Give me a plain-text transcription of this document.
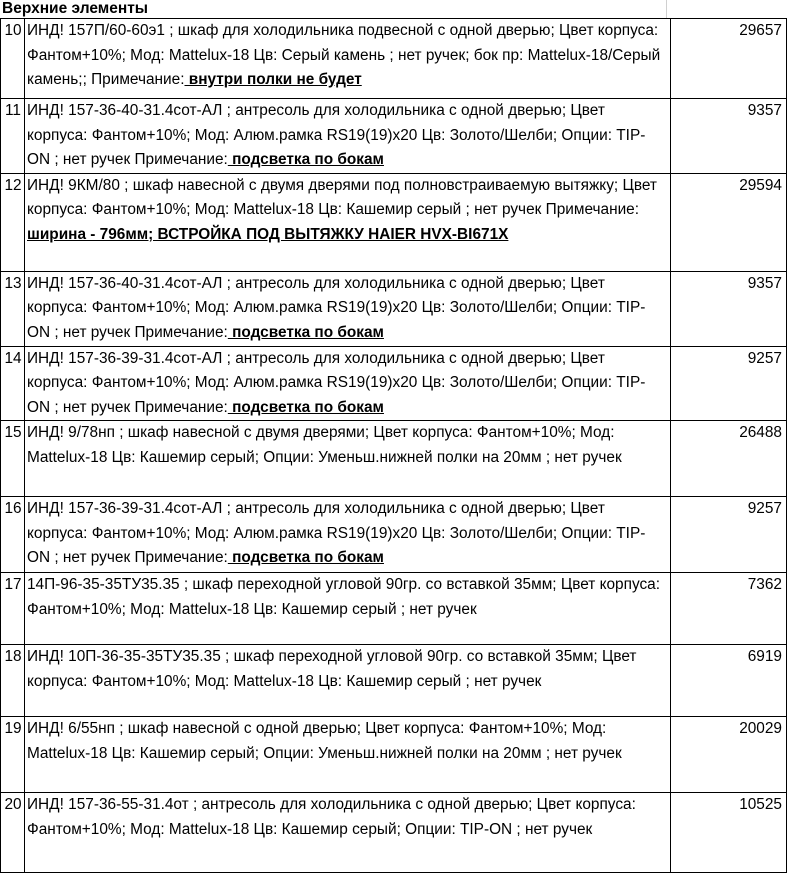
Верхние элементы
10	ИНД! 157П/60-60э1 ; шкаф для холодильника подвесной с одной дверью; Цвет корпуса: Фантом+10%; Мод: Mattelux-18 Цв: Серый камень ; нет ручек; бок пр: Mattelux-18/Серый камень;; Примечание: внутри полки не будет	29657
11	ИНД! 157-36-40-31.4сот-АЛ ; антресоль для холодильника с одной дверью; Цвет корпуса: Фантом+10%; Мод: Алюм.рамка RS19(19)x20 Цв: Золото/Шелби; Опции: TIP-ON ; нет ручек Примечание: подсветка по бокам	9357
12	ИНД! 9КМ/80 ; шкаф навесной с двумя дверями под полновстраиваемую вытяжку; Цвет корпуса: Фантом+10%; Мод: Mattelux-18 Цв: Кашемир серый ; нет ручек Примечание: ширина - 796мм; ВСТРОЙКА ПОД ВЫТЯЖКУ HAIER HVX-BI671X	29594
13	ИНД! 157-36-40-31.4сот-АЛ ; антресоль для холодильника с одной дверью; Цвет корпуса: Фантом+10%; Мод: Алюм.рамка RS19(19)x20 Цв: Золото/Шелби; Опции: TIP-ON ; нет ручек Примечание: подсветка по бокам	9357
14	ИНД! 157-36-39-31.4сот-АЛ ; антресоль для холодильника с одной дверью; Цвет корпуса: Фантом+10%; Мод: Алюм.рамка RS19(19)x20 Цв: Золото/Шелби; Опции: TIP-ON ; нет ручек Примечание: подсветка по бокам	9257
15	ИНД! 9/78нп ; шкаф навесной с двумя дверями; Цвет корпуса: Фантом+10%; Мод: Mattelux-18 Цв: Кашемир серый; Опции: Уменьш.нижней полки на 20мм ; нет ручек	26488
16	ИНД! 157-36-39-31.4сот-АЛ ; антресоль для холодильника с одной дверью; Цвет корпуса: Фантом+10%; Мод: Алюм.рамка RS19(19)x20 Цв: Золото/Шелби; Опции: TIP-ON ; нет ручек Примечание: подсветка по бокам	9257
17	14П-96-35-35ТУ35.35 ; шкаф переходной угловой 90гр. со вставкой 35мм; Цвет корпуса: Фантом+10%; Мод: Mattelux-18 Цв: Кашемир серый ; нет ручек	7362
18	ИНД! 10П-36-35-35ТУ35.35 ; шкаф переходной угловой 90гр. со вставкой 35мм; Цвет корпуса: Фантом+10%; Мод: Mattelux-18 Цв: Кашемир серый ; нет ручек	6919
19	ИНД! 6/55нп ; шкаф навесной с одной дверью; Цвет корпуса: Фантом+10%; Мод: Mattelux-18 Цв: Кашемир серый; Опции: Уменьш.нижней полки на 20мм ; нет ручек	20029
20	ИНД! 157-36-55-31.4от ; антресоль для холодильника с одной дверью; Цвет корпуса: Фантом+10%; Мод: Mattelux-18 Цв: Кашемир серый; Опции: TIP-ON ; нет ручек	10525
